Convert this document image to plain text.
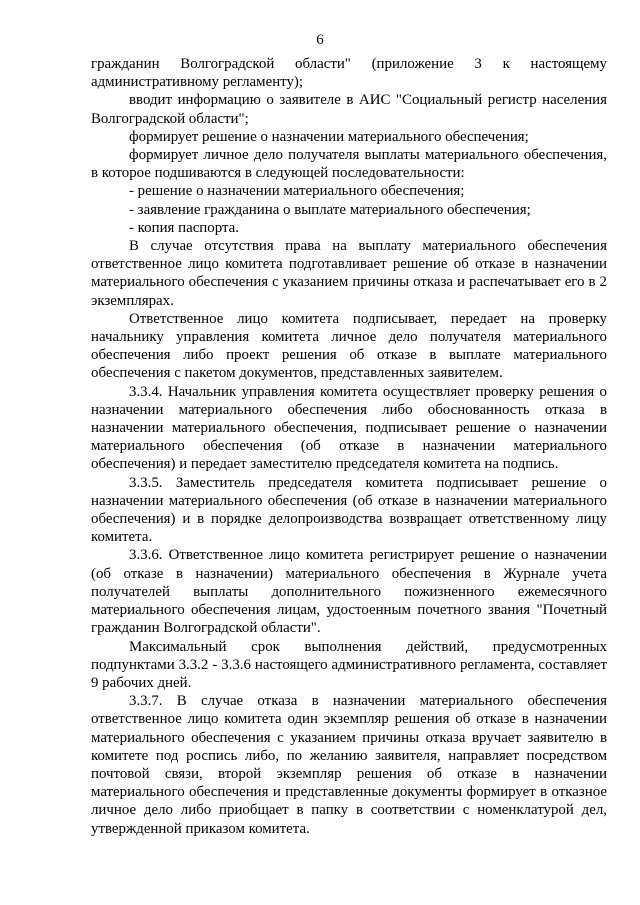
6

гражданин Волгоградской области" (приложение 3 к настоящему административному регламенту);

вводит информацию о заявителе в АИС "Социальный регистр населения Волгоградской области";

формирует решение о назначении материального обеспечения;

формирует личное дело получателя выплаты материального обеспечения, в которое подшиваются в следующей последовательности:

- решение о назначении материального обеспечения;

- заявление гражданина о выплате материального обеспечения;

- копия паспорта.

В случае отсутствия права на выплату материального обеспечения ответственное лицо комитета подготавливает решение об отказе в назначении материального обеспечения с указанием причины отказа и распечатывает его в 2 экземплярах.

Ответственное лицо комитета подписывает, передает на проверку начальнику управления комитета личное дело получателя материального обеспечения либо проект решения об отказе в выплате материального обеспечения с пакетом документов, представленных заявителем.

3.3.4. Начальник управления комитета осуществляет проверку решения о назначении материального обеспечения либо обоснованность отказа в назначении материального обеспечения, подписывает решение о назначении материального обеспечения (об отказе в назначении материального обеспечения) и передает заместителю председателя комитета на подпись.

3.3.5. Заместитель председателя комитета подписывает решение о назначении материального обеспечения (об отказе в назначении материального обеспечения) и в порядке делопроизводства возвращает ответственному лицу комитета.

3.3.6. Ответственное лицо комитета регистрирует решение о назначении (об отказе в назначении) материального обеспечения в Журнале учета получателей выплаты дополнительного пожизненного ежемесячного материального обеспечения лицам, удостоенным почетного звания "Почетный гражданин Волгоградской области".

Максимальный срок выполнения действий, предусмотренных подпунктами 3.3.2 - 3.3.6 настоящего административного регламента, составляет 9 рабочих дней.

3.3.7. В случае отказа в назначении материального обеспечения ответственное лицо комитета один экземпляр решения об отказе в назначении материального обеспечения с указанием причины отказа вручает заявителю в комитете под роспись либо, по желанию заявителя, направляет посредством почтовой связи, второй экземпляр решения об отказе в назначении материального обеспечения и представленные документы формирует в отказное личное дело либо приобщает в папку в соответствии с номенклатурой дел, утвержденной приказом комитета.
